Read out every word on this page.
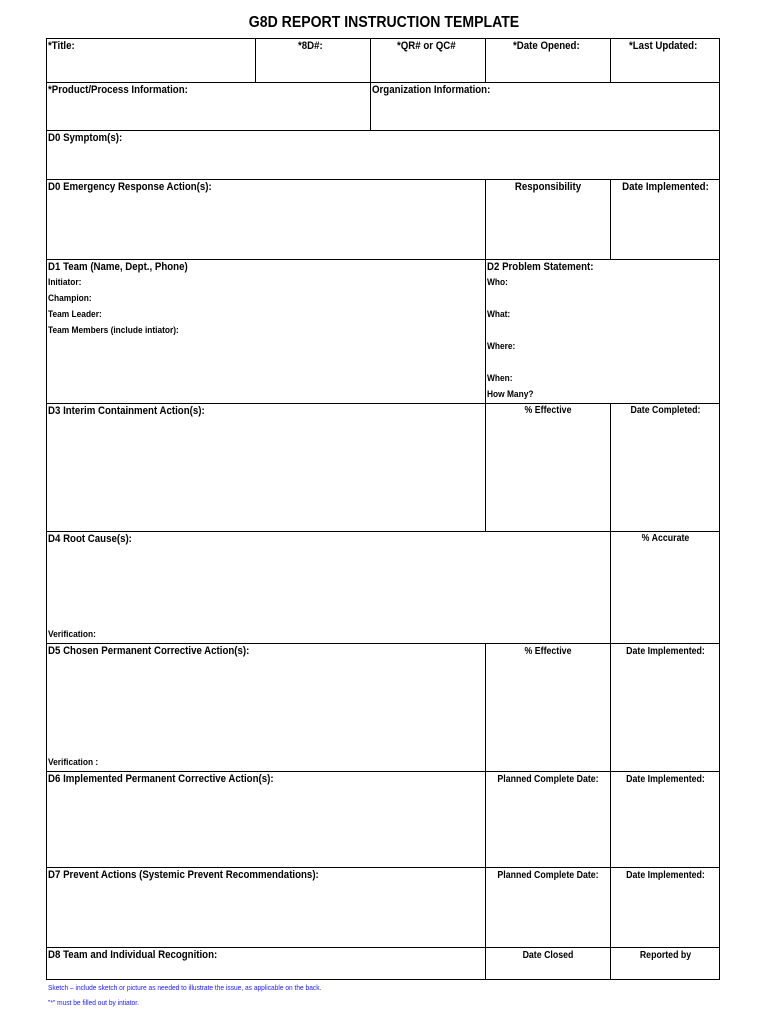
G8D REPORT INSTRUCTION TEMPLATE
*Title:	*8D#:	*QR# or QC#	*Date Opened:	*Last Updated:
*Product/Process Information:	Organization Information:
D0 Symptom(s):
D0 Emergency Response Action(s):	Responsibility	Date Implemented:
D1 Team (Name, Dept., Phone)
Initiator:
Champion:
Team Leader:
Team Members (include intiator):
D2 Problem Statement:
Who:
What:
Where:
When:
How Many?
D3 Interim Containment Action(s):	% Effective	Date Completed:
D4 Root Cause(s):	% Accurate
Verification:
D5 Chosen Permanent Corrective Action(s):	% Effective	Date Implemented:
Verification :
D6 Implemented Permanent Corrective Action(s):	Planned Complete Date:	Date Implemented:
D7 Prevent Actions (Systemic Prevent Recommendations):	Planned Complete Date:	Date Implemented:
D8 Team and Individual Recognition:	Date Closed	Reported by
Sketch – include sketch or picture as needed to illustrate the issue, as applicable on the back.
"*" must be filled out by intiator.
